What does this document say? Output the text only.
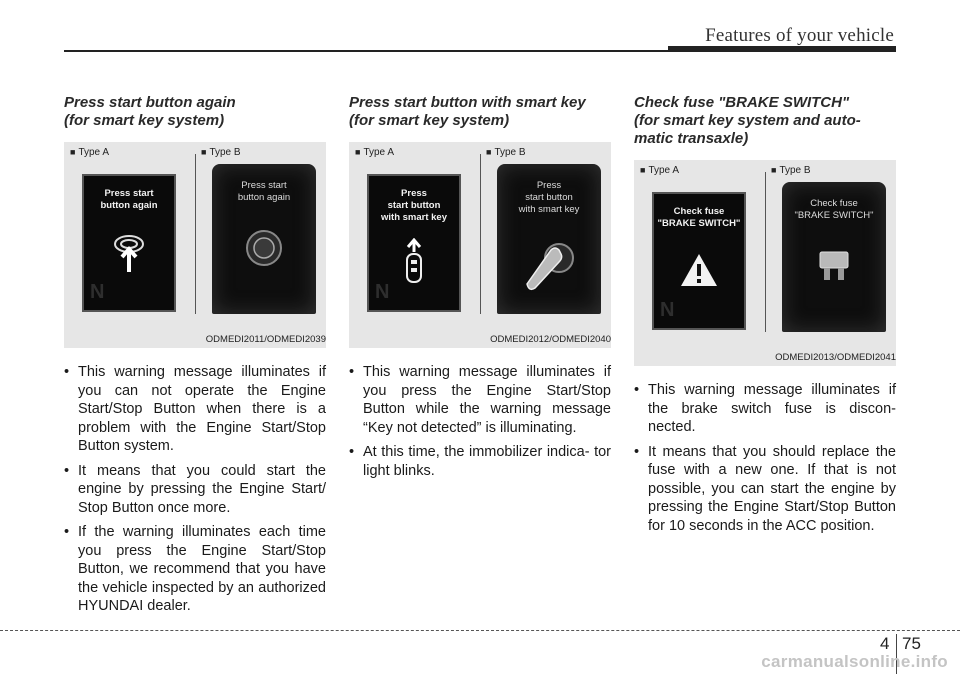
Features of your vehicle
Press start button again
(for smart key system)
■ Type A	■ Type B
Press start
button again
N
Press start
button again
ODMEDI2011/ODMEDI2039
• This warning message illuminates if you can not operate the Engine Start/Stop Button when there is a problem with the Engine Start/Stop Button system.
• It means that you could start the engine by pressing the Engine Start/ Stop Button once more.
• If the warning illuminates each time you press the Engine Start/Stop Button, we recommend that you have the vehicle inspected by an authorized HYUNDAI dealer.
Press start button with smart key
(for smart key system)
■ Type A	■ Type B
Press
start button
with smart key
N
Press
start button
with smart key
ODMEDI2012/ODMEDI2040
• This warning message illuminates if you press the Engine Start/Stop Button while the warning message “Key not detected” is illuminating.
• At this time, the immobilizer indica- tor light blinks.
Check fuse "BRAKE SWITCH"
(for smart key system and auto-
matic transaxle)
■ Type A	■ Type B
Check fuse
"BRAKE SWITCH"
N
Check fuse
"BRAKE SWITCH"
ODMEDI2013/ODMEDI2041
• This warning message illuminates if the brake switch fuse is discon- nected.
• It means that you should replace the fuse with a new one. If that is not possible, you can start the engine by pressing the Engine Start/Stop Button for 10 seconds in the ACC position.
4 75
carmanualsonline.info
